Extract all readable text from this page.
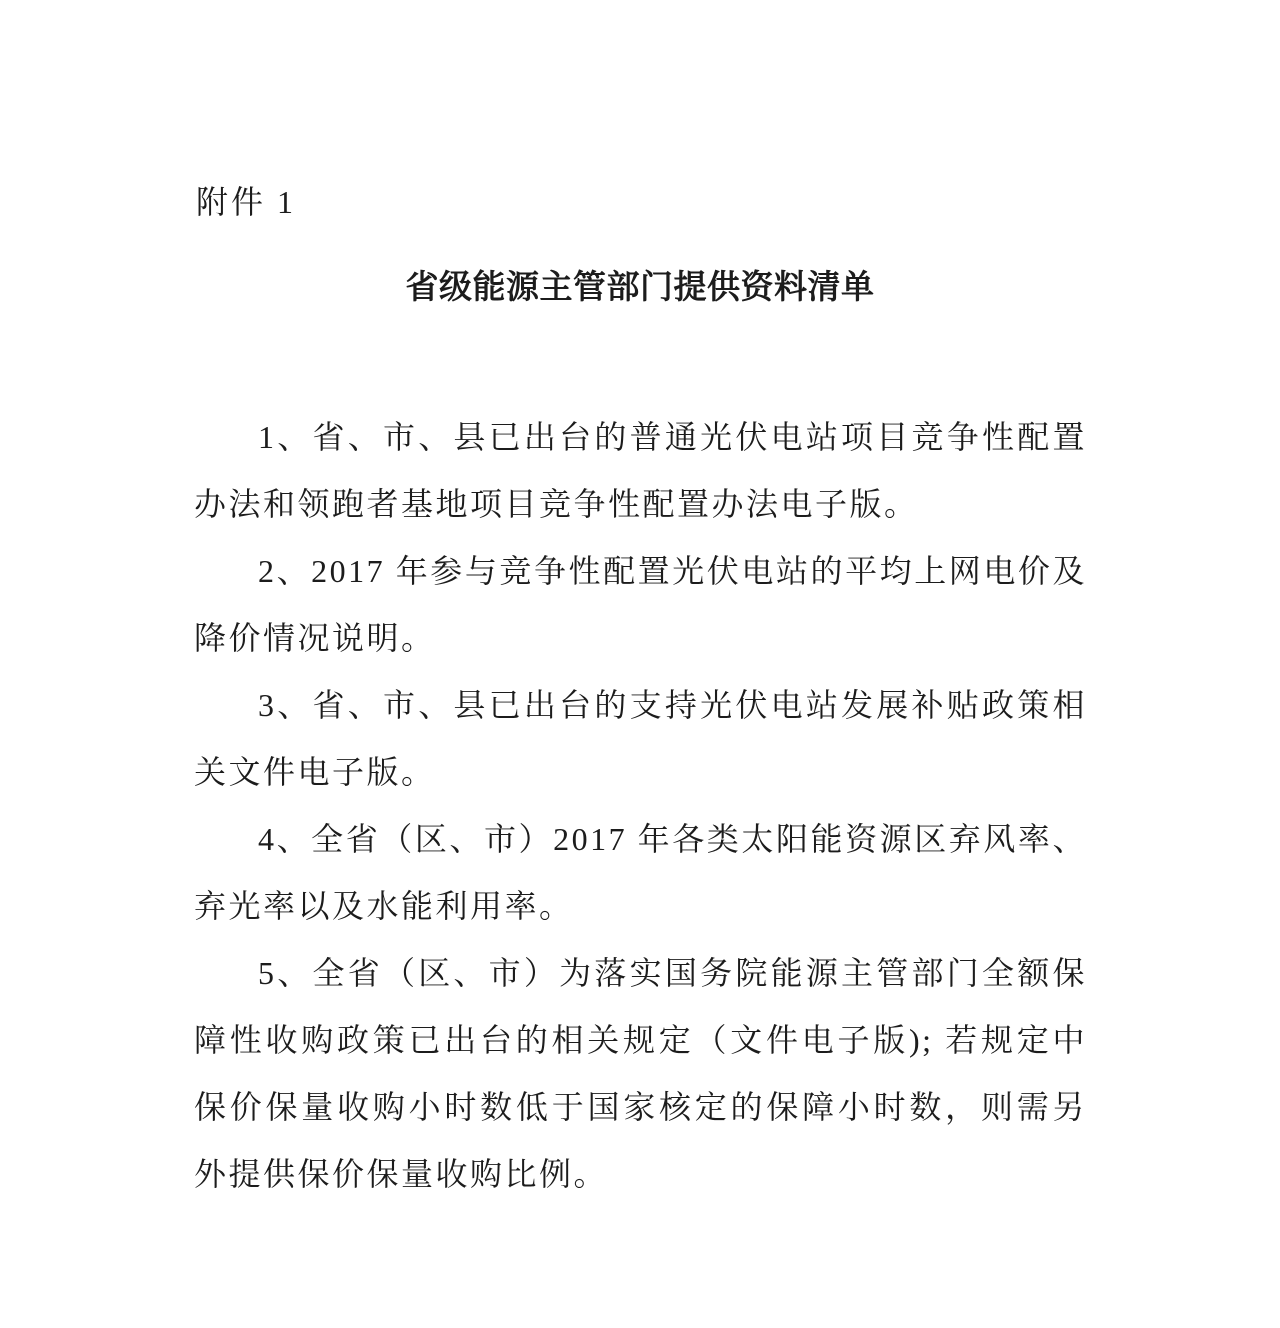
附件 1
省级能源主管部门提供资料清单

1、省、市、县已出台的普通光伏电站项目竞争性配置办法和领跑者基地项目竞争性配置办法电子版。

2、2017 年参与竞争性配置光伏电站的平均上网电价及降价情况说明。

3、省、市、县已出台的支持光伏电站发展补贴政策相关文件电子版。

4、全省（区、市）2017 年各类太阳能资源区弃风率、弃光率以及水能利用率。

5、全省（区、市）为落实国务院能源主管部门全额保障性收购政策已出台的相关规定（文件电子版); 若规定中保价保量收购小时数低于国家核定的保障小时数，则需另外提供保价保量收购比例。
